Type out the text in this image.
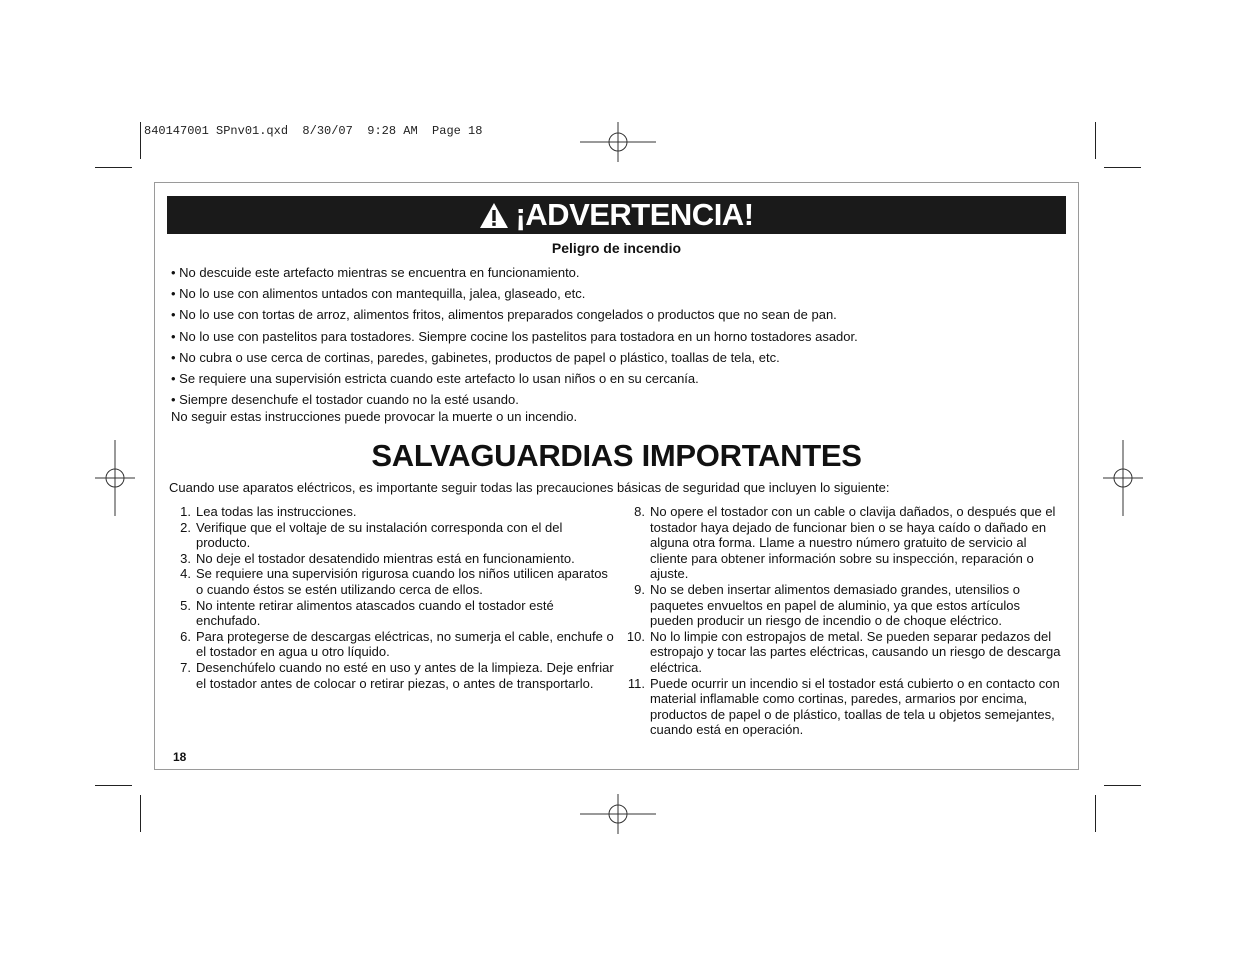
840147001 SPnv01.qxd  8/30/07  9:28 AM  Page 18
¡ADVERTENCIA!
Peligro de incendio
• No descuide este artefacto mientras se encuentra en funcionamiento.
• No lo use con alimentos untados con mantequilla, jalea, glaseado, etc.
• No lo use con tortas de arroz, alimentos fritos, alimentos preparados congelados o productos que no sean de pan.
• No lo use con pastelitos para tostadores. Siempre cocine los pastelitos para tostadora en un horno tostadores asador.
• No cubra o use cerca de cortinas, paredes, gabinetes, productos de papel o plástico, toallas de tela, etc.
• Se requiere una supervisión estricta cuando este artefacto lo usan niños o en su cercanía.
• Siempre desenchufe el tostador cuando no la esté usando.
No seguir estas instrucciones puede provocar la muerte o un incendio.
SALVAGUARDIAS IMPORTANTES
Cuando use aparatos eléctricos, es importante seguir todas las precauciones básicas de seguridad que incluyen lo siguiente:
1. Lea todas las instrucciones.
2. Verifique que el voltaje de su instalación corresponda con el del producto.
3. No deje el tostador desatendido mientras está en funcionamiento.
4. Se requiere una supervisión rigurosa cuando los niños utilicen aparatos o cuando éstos se estén utilizando cerca de ellos.
5. No intente retirar alimentos atascados cuando el tostador esté enchufado.
6. Para protegerse de descargas eléctricas, no sumerja el cable, enchufe o el tostador en agua u otro líquido.
7. Desenchúfelo cuando no esté en uso y antes de la limpieza. Deje enfriar el tostador antes de colocar o retirar piezas, o antes de transportarlo.
8. No opere el tostador con un cable o clavija dañados, o después que el tostador haya dejado de funcionar bien o se haya caído o dañado en alguna otra forma. Llame a nuestro número gratuito de servicio al cliente para obtener información sobre su inspección, reparación o ajuste.
9. No se deben insertar alimentos demasiado grandes, utensilios o paquetes envueltos en papel de aluminio, ya que estos artículos pueden producir un riesgo de incendio o de choque eléctrico.
10. No lo limpie con estropajos de metal. Se pueden separar pedazos del estropajo y tocar las partes eléctricas, causando un riesgo de descarga eléctrica.
11. Puede ocurrir un incendio si el tostador está cubierto o en contacto con material inflamable como cortinas, paredes, armarios por encima, productos de papel o de plástico, toallas de tela u objetos semejantes, cuando está en operación.
18
